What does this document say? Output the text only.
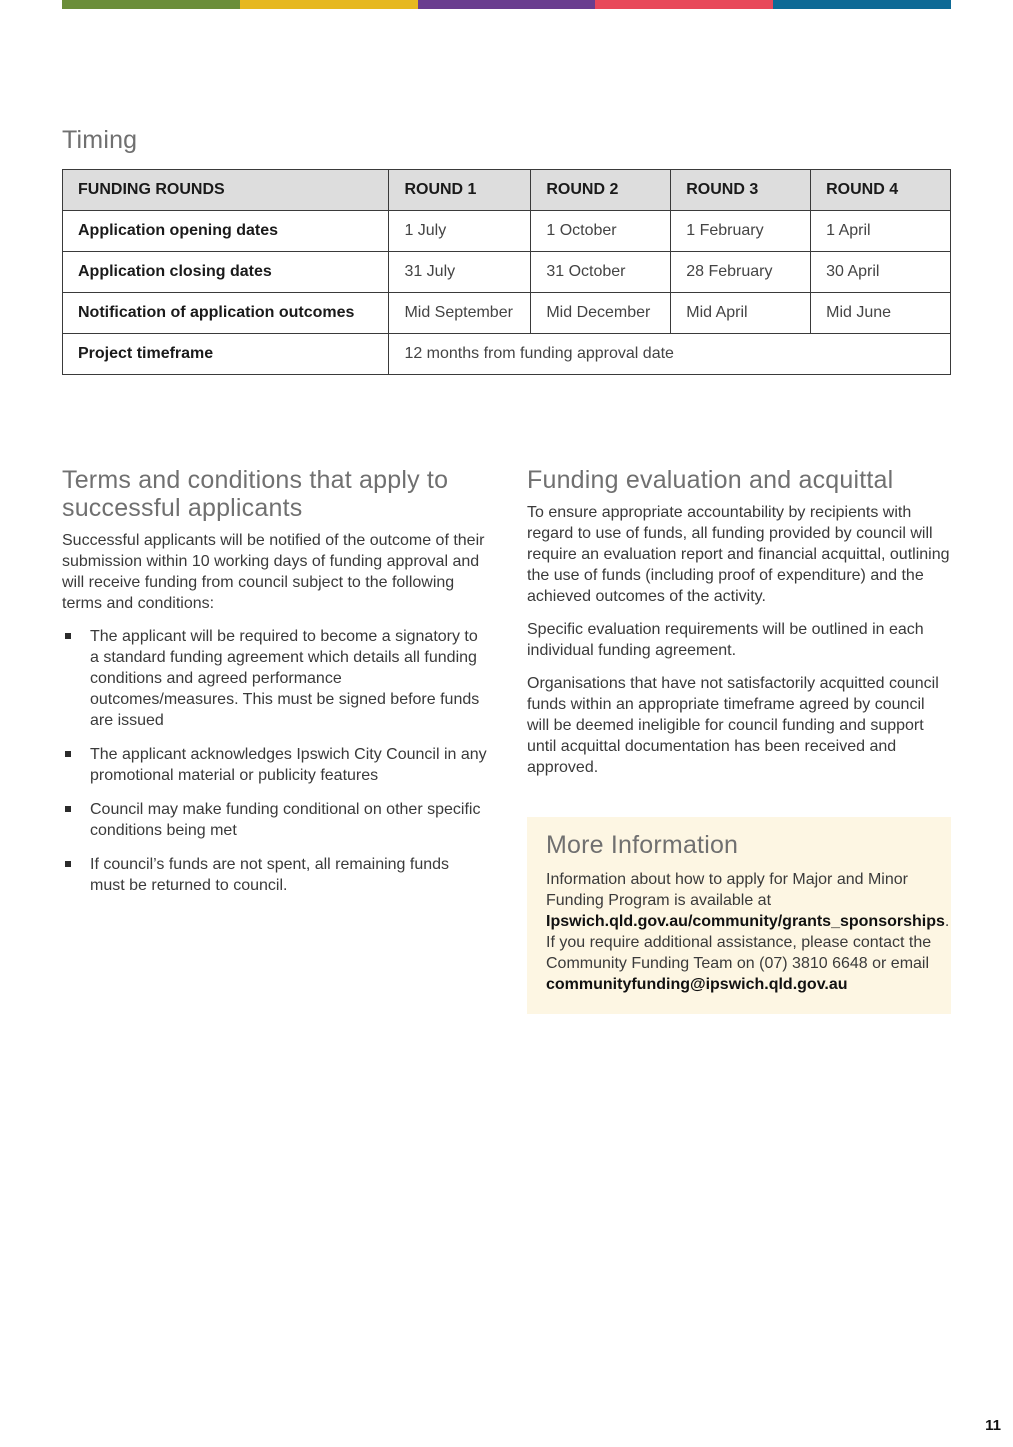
Timing
FUNDING ROUNDS	ROUND 1	ROUND 2	ROUND 3	ROUND 4
Application opening dates	1 July	1 October	1 February	1 April
Application closing dates	31 July	31 October	28 February	30 April
Notification of application outcomes	Mid September	Mid December	Mid April	Mid June
Project timeframe	12 months from funding approval date			
Terms and conditions that apply to successful applicants

Successful applicants will be notified of the outcome of their submission within 10 working days of funding approval and will receive funding from council subject to the following terms and conditions:

The applicant will be required to become a signatory to a standard funding agreement which details all funding conditions and agreed performance outcomes/measures. This must be signed before funds are issued
The applicant acknowledges Ipswich City Council in any promotional material or publicity features
Council may make funding conditional on other specific conditions being met
If council’s funds are not spent, all remaining funds must be returned to council.
Funding evaluation and acquittal

To ensure appropriate accountability by recipients with regard to use of funds, all funding provided by council will require an evaluation report and financial acquittal, outlining the use of funds (including proof of expenditure) and the achieved outcomes of the activity.

Specific evaluation requirements will be outlined in each individual funding agreement.

Organisations that have not satisfactorily acquitted council funds within an appropriate timeframe agreed by council will be deemed ineligible for council funding and support until acquittal documentation has been received and approved.

More Information

Information about how to apply for Major and Minor Funding Program is available at Ipswich.qld.gov.au/community/grants_sponsorships. If you require additional assistance, please contact the Community Funding Team on (07) 3810 6648 or email communityfunding@ipswich.qld.gov.au

11
